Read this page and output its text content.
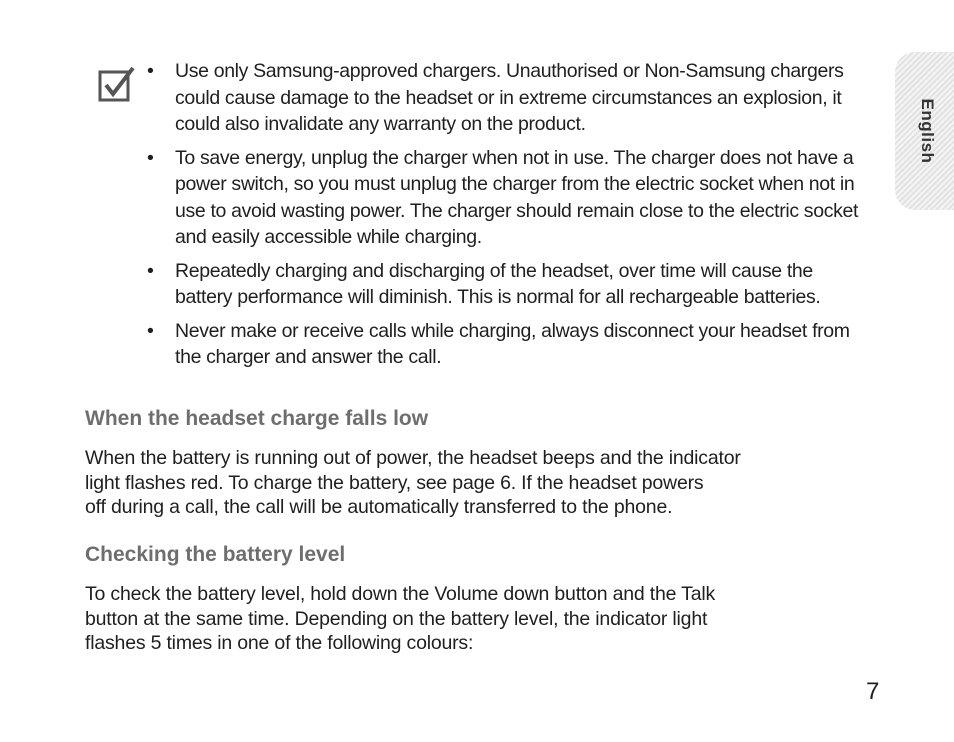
English
• Use only Samsung-approved chargers. Unauthorised or Non-Samsung chargers could cause damage to the headset or in extreme circumstances an explosion, it could also invalidate any warranty on the product.
• To save energy, unplug the charger when not in use. The charger does not have a power switch, so you must unplug the charger from the electric socket when not in use to avoid wasting power. The charger should remain close to the electric socket and easily accessible while charging.
• Repeatedly charging and discharging of the headset, over time will cause the battery performance will diminish. This is normal for all rechargeable batteries.
• Never make or receive calls while charging, always disconnect your headset from the charger and answer the call.
When the headset charge falls low

When the battery is running out of power, the headset beeps and the indicator
light flashes red. To charge the battery, see page 6. If the headset powers
off during a call, the call will be automatically transferred to the phone.

Checking the battery level

To check the battery level, hold down the Volume down button and the Talk
button at the same time. Depending on the battery level, the indicator light
flashes 5 times in one of the following colours:

7
